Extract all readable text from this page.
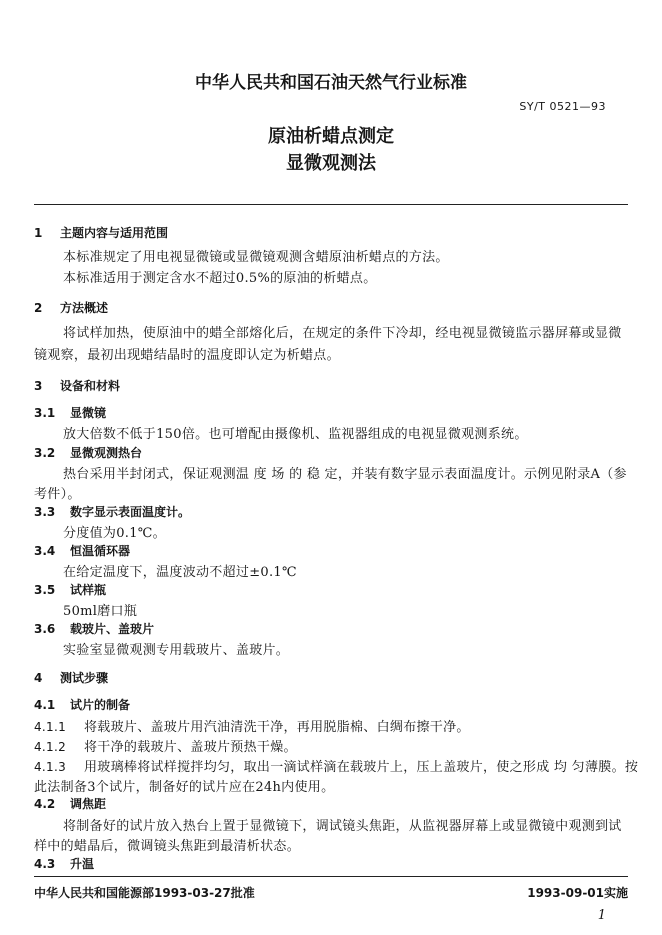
中华人民共和国石油天然气行业标准
SY/T 0521—93
原油析蜡点测定
显微观测法
1 主题内容与适用范围
本标准规定了用电视显微镜或显微镜观测含蜡原油析蜡点的方法。
本标准适用于测定含水不超过0.5%的原油的析蜡点。
2 方法概述
将试样加热，使原油中的蜡全部熔化后，在规定的条件下冷却，经电视显微镜监示器屏幕或显微
镜观察，最初出现蜡结晶时的温度即认定为析蜡点。
3 设备和材料
3.1 显微镜
放大倍数不低于150倍。也可增配由摄像机、监视器组成的电视显微观测系统。
3.2 显微观测热台
热台采用半封闭式，保证观测温 度 场 的 稳 定，并装有数字显示表面温度计。示例见附录A（参
考件）。
3.3 数字显示表面温度计。
分度值为0.1℃。
3.4 恒温循环器
在给定温度下，温度波动不超过±0.1℃
3.5 试样瓶
50ml磨口瓶
3.6 载玻片、盖玻片
实验室显微观测专用载玻片、盖玻片。
4 测试步骤
4.1 试片的制备
4.1.1 将载玻片、盖玻片用汽油清洗干净，再用脱脂棉、白绸布擦干净。
4.1.2 将干净的载玻片、盖玻片预热干燥。
4.1.3 用玻璃棒将试样搅拌均匀，取出一滴试样滴在载玻片上，压上盖玻片，使之形成 均 匀薄膜。按
此法制备3个试片，制备好的试片应在24h内使用。
4.2 调焦距
将制备好的试片放入热台上置于显微镜下，调试镜头焦距，从监视器屏幕上或显微镜中观测到试
样中的蜡晶后，微调镜头焦距到最清析状态。
4.3 升温
中华人民共和国能源部1993-03-27批准	1993-09-01实施
1
